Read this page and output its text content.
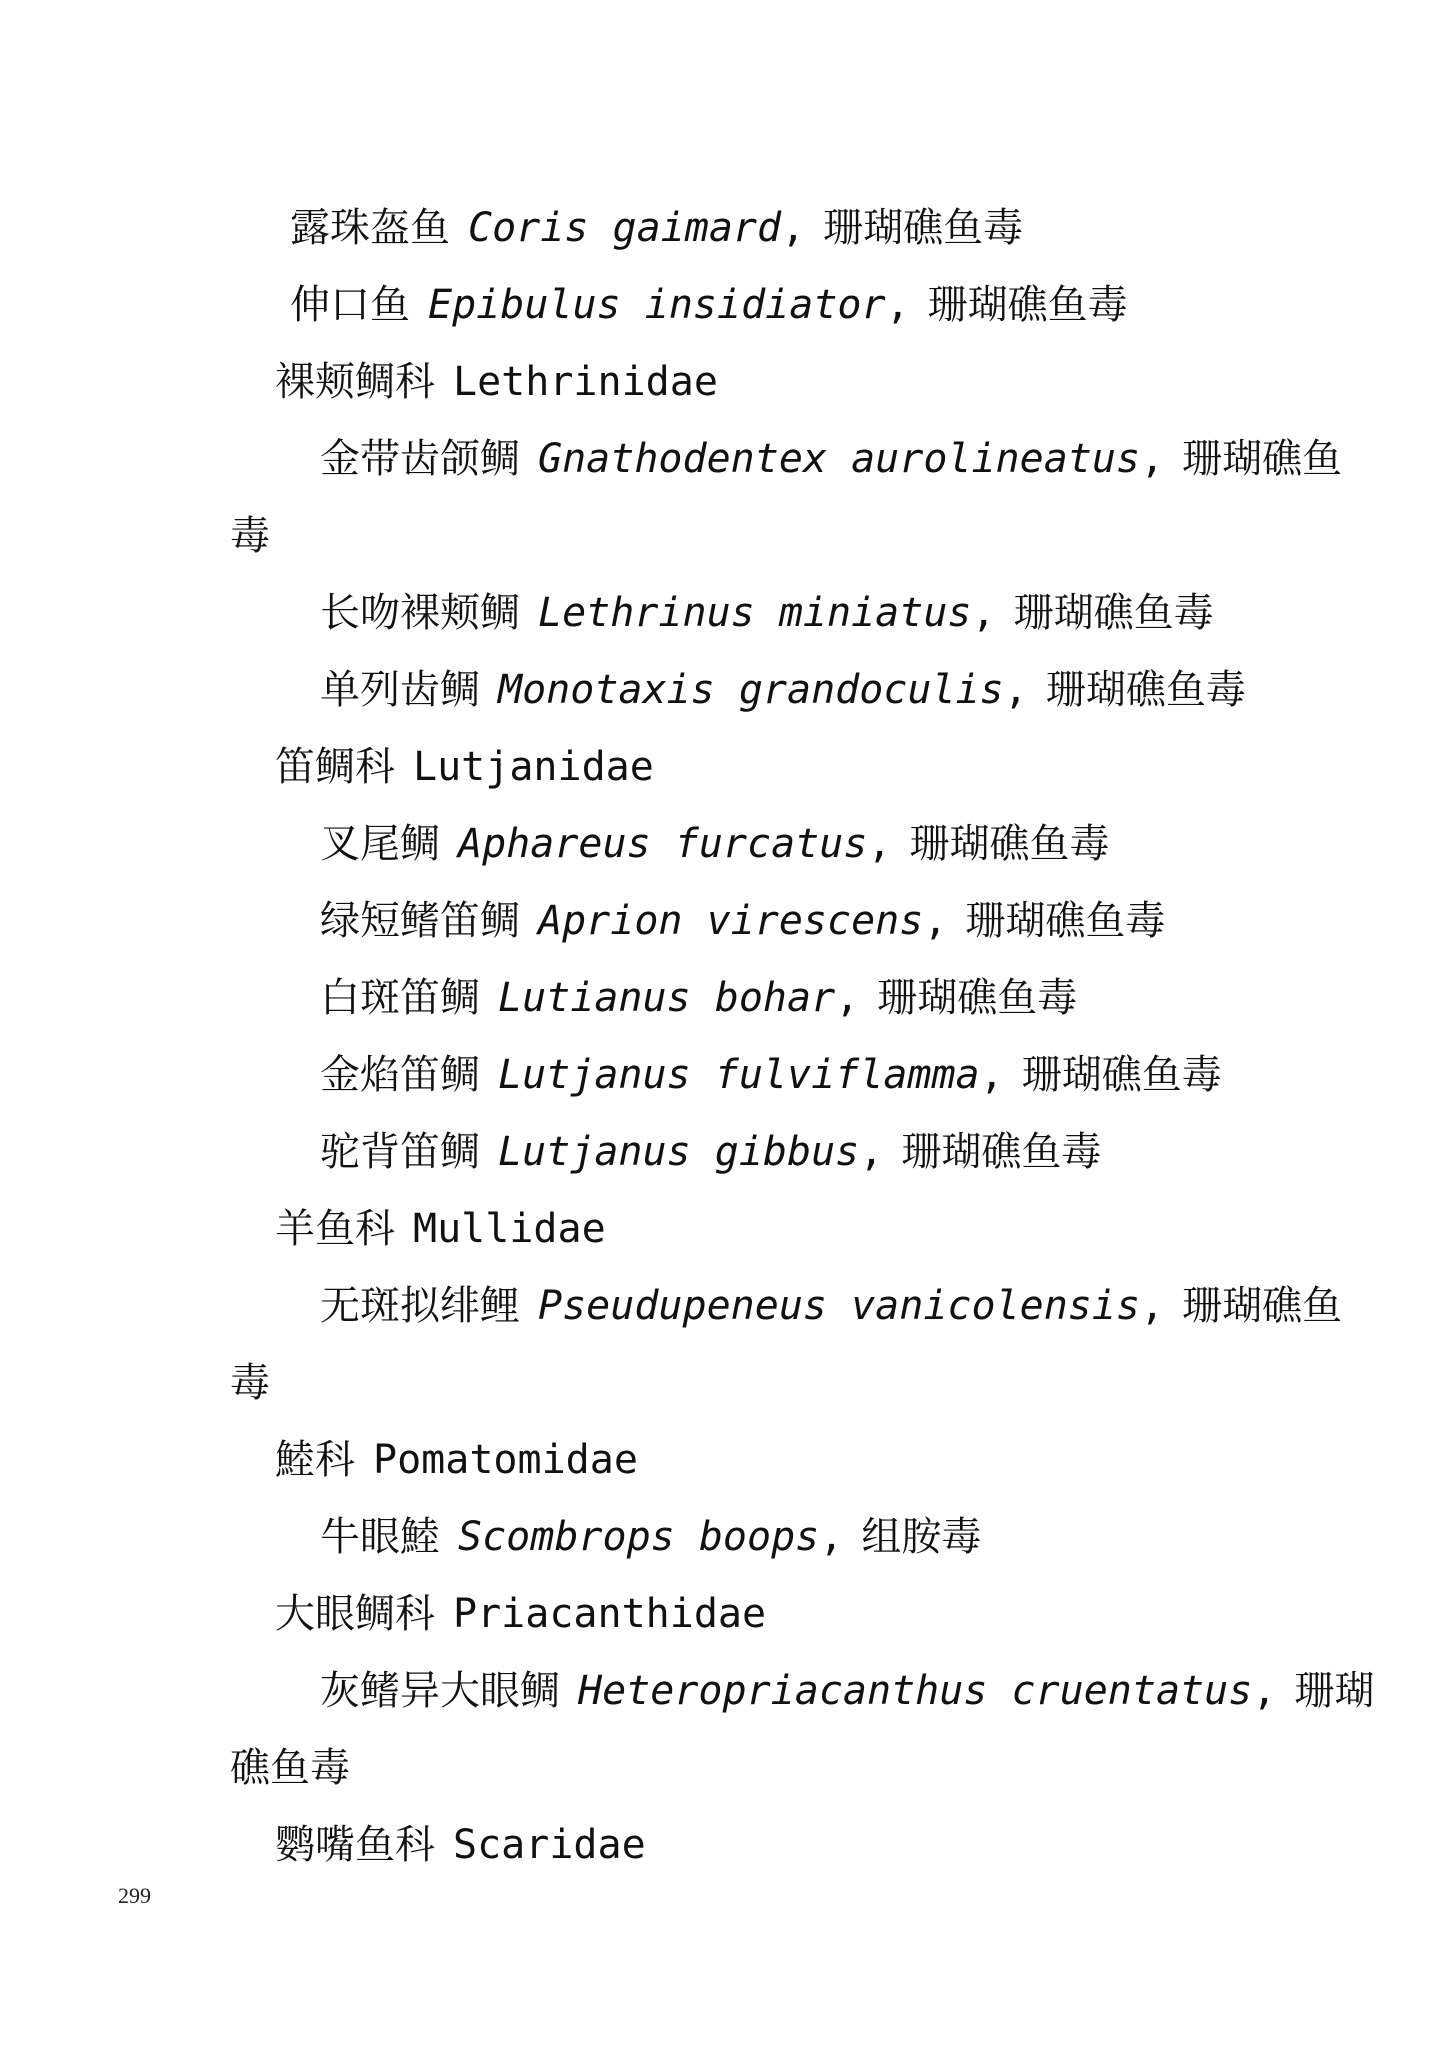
露珠盔鱼 Coris gaimard, 珊瑚礁鱼毒
伸口鱼 Epibulus insidiator, 珊瑚礁鱼毒
裸颊鲷科 Lethrinidae
金带齿颌鲷 Gnathodentex aurolineatus, 珊瑚礁鱼
毒
长吻裸颊鲷 Lethrinus miniatus, 珊瑚礁鱼毒
单列齿鲷 Monotaxis grandoculis, 珊瑚礁鱼毒
笛鲷科 Lutjanidae
叉尾鲷 Aphareus furcatus, 珊瑚礁鱼毒
绿短鳍笛鲷 Aprion virescens, 珊瑚礁鱼毒
白斑笛鲷 Lutianus bohar, 珊瑚礁鱼毒
金焰笛鲷 Lutjanus fulviflamma, 珊瑚礁鱼毒
驼背笛鲷 Lutjanus gibbus, 珊瑚礁鱼毒
羊鱼科 Mullidae
无斑拟绯鲤 Pseudupeneus vanicolensis, 珊瑚礁鱼
毒
鯥科 Pomatomidae
牛眼鯥 Scombrops boops, 组胺毒
大眼鲷科 Priacanthidae
灰鳍异大眼鲷 Heteropriacanthus cruentatus, 珊瑚
礁鱼毒
鹦嘴鱼科 Scaridae
299
